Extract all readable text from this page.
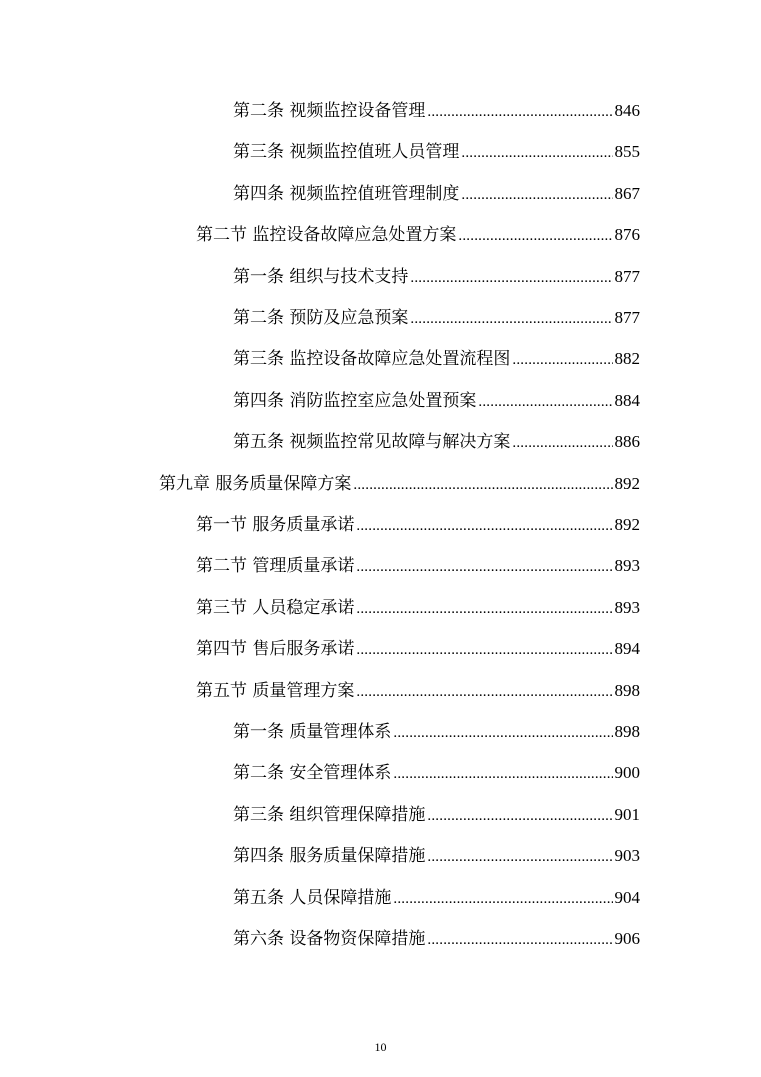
第二条 视频监控设备管理 .....	846
第三条 视频监控值班人员管理 .....	855
第四条 视频监控值班管理制度 .....	867
第二节 监控设备故障应急处置方案 .....	876
第一条 组织与技术支持 .....	877
第二条 预防及应急预案 .....	877
第三条 监控设备故障应急处置流程图 .....	882
第四条 消防监控室应急处置预案 .....	884
第五条 视频监控常见故障与解决方案 .....	886
第九章 服务质量保障方案 .....	892
第一节 服务质量承诺 .....	892
第二节 管理质量承诺 .....	893
第三节 人员稳定承诺 .....	893
第四节 售后服务承诺 .....	894
第五节 质量管理方案 .....	898
第一条 质量管理体系 .....	898
第二条 安全管理体系 .....	900
第三条 组织管理保障措施 .....	901
第四条 服务质量保障措施 .....	903
第五条 人员保障措施 .....	904
第六条 设备物资保障措施 .....	906
10
